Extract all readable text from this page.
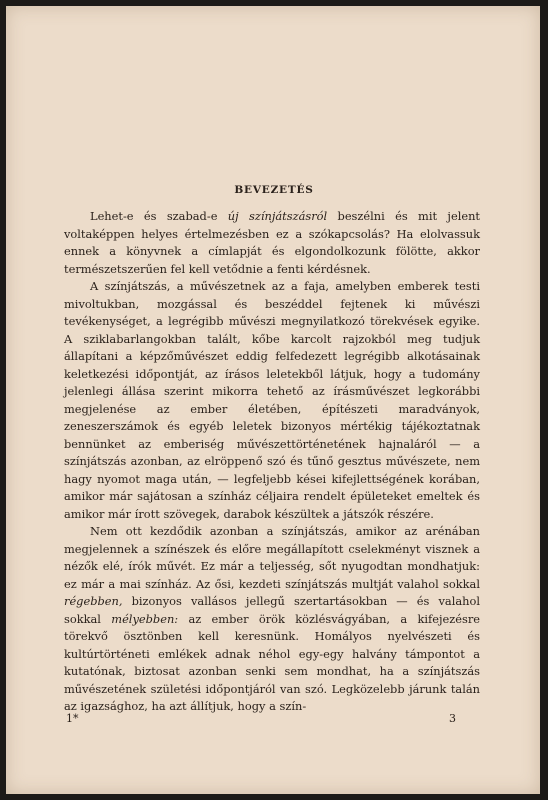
BEVEZETÉS

Lehet-e és szabad-e új színjátszásról beszélni és mit jelent voltaképpen helyes értelmezésben ez a szókapcsolás? Ha elolvassuk ennek a könyvnek a címlapját és elgondolkozunk fölötte, akkor természetszerűen fel kell vetődnie a fenti kérdésnek.

A színjátszás, a művészetnek az a faja, amelyben emberek testi mivoltukban, mozgással és beszéddel fejtenek ki művészi tevékenységet, a legrégibb művészi megnyilatkozó törekvések egyike. A sziklabarlangokban talált, kőbe karcolt rajzokból meg tudjuk állapítani a képzőművészet eddig felfedezett legrégibb alkotásainak keletkezési időpontját, az írásos leletekből látjuk, hogy a tudomány jelenlegi állása szerint mikorra tehető az írásművészet legkorábbi megjelenése az ember életében, építészeti maradványok, zeneszerszámok és egyéb leletek bizonyos mértékig tájékoztatnak bennünket az emberiség művészettörténetének hajnaláról — a színjátszás azonban, az elröppenő szó és tűnő gesztus művészete, nem hagy nyomot maga után, — legfeljebb kései kifejlettségének korában, amikor már sajátosan a színház céljaira rendelt épületeket emeltek és amikor már írott szövegek, darabok készültek a játszók részére.

Nem ott kezdődik azonban a színjátszás, amikor az arénában megjelennek a színészek és előre megállapított cselekményt visznek a nézők elé, írók művét. Ez már a teljesség, sőt nyugodtan mondhatjuk: ez már a mai színház. Az ősi, kezdeti színjátszás multját valahol sokkal régebben, bizonyos vallásos jellegű szertartásokban — és valahol sokkal mélyebben: az ember örök közlésvágyában, a kifejezésre törekvő ösztönben kell keresnünk. Homályos nyelvészeti és kultúrtörténeti emlékek adnak néhol egy-egy halvány támpontot a kutatónak, biztosat azonban senki sem mondhat, ha a színjátszás művészetének születési időpontjáról van szó. Legközelebb járunk talán az igazsághoz, ha azt állítjuk, hogy a szín-

1*	3
